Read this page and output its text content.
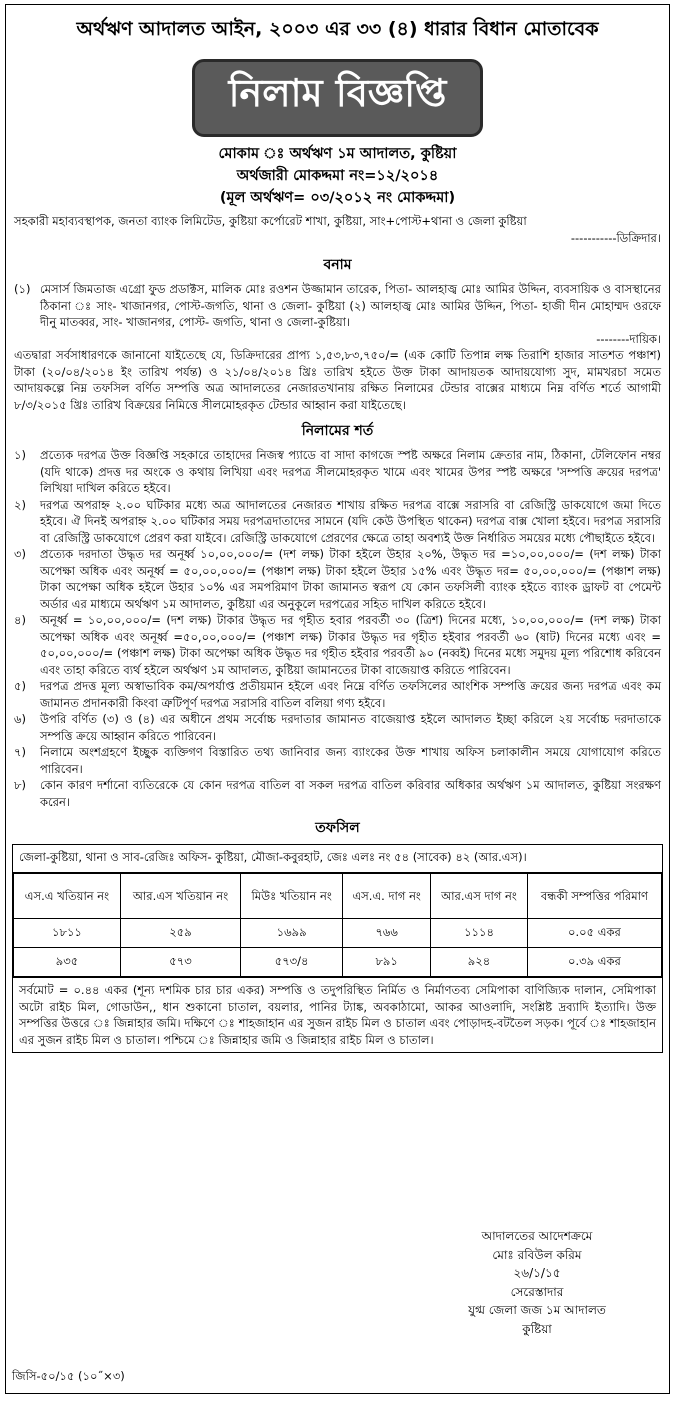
অর্থঋণ আদালত আইন, ২০০৩ এর ৩৩ (৪) ধারার বিধান মোতাবেক
নিলাম বিজ্ঞপ্তি
মোকাম ঃ অর্থঋণ ১ম আদালত, কুষ্টিয়া
অর্থজারী মোকদ্দমা নং=১২/২০১৪
(মূল অর্থঋণ= ০৩/২০১২ নং মোকদ্দমা)
সহকারী মহাব্যবস্থাপক, জনতা ব্যাংক লিমিটেড, কুষ্টিয়া কর্পোরেট শাখা, কুষ্টিয়া, সাং+পোস্ট+থানা ও জেলা কুষ্টিয়া
-----------ডিক্রিদার।
বনাম
(১) মেসার্স জিমতাজ এগ্রো ফুড প্রডাক্টস, মালিক মোঃ রওশন উজ্জামান তারেক, পিতা- আলহাজ্ব মোঃ আমির উদ্দিন, ব্যবসায়িক ও বাসস্থানের ঠিকানা ঃ সাং- খাজানগর, পোস্ট-জগতি, থানা ও জেলা- কুষ্টিয়া (২) আলহাজ্ব মোঃ আমির উদ্দিন, পিতা- হাজী দীন মোহাম্মদ ওরফে দীনু মাতব্বর, সাং- খাজানগর, পোস্ট- জগতি, থানা ও জেলা-কুষ্টিয়া।
--------দায়িক।
এতদ্বারা সর্বসাধারণকে জানানো যাইতেছে যে, ডিক্রিদারের প্রাপ্য ১,৫৩,৮৩,৭৫০/= (এক কোটি তিপান্ন লক্ষ তিরাশি হাজার সাতশত পঞ্চাশ) টাকা (২০/০৪/২০১৪ ইং তারিখ পর্যন্ত) ও ২১/০৪/২০১৪ খ্রিঃ তারিখ হইতে উক্ত টাকা আদায়তক আদায়যোগ্য সুদ, মামখরচা সমেত আদায়কল্পে নিম্ন তফসিল বর্ণিত সম্পত্তি অত্র আদালতের নেজারতখানায় রক্ষিত নিলামের টেন্ডার বাক্সের মাধ্যমে নিম্ন বর্ণিত শর্তে আগামী ৮/৩/২০১৫ খ্রিঃ তারিখ বিক্রয়ের নিমিত্তে সীলমোহরকৃত টেন্ডার আহ্বান করা যাইতেছে।
নিলামের শর্ত
১)	প্রত্যেক দরপত্র উক্ত বিজ্ঞপ্তি সহকারে তাহাদের নিজস্ব প্যাডে বা সাদা কাগজে স্পষ্ট অক্ষরে নিলাম ক্রেতার নাম, ঠিকানা, টেলিফোন নম্বর (যদি থাকে) প্রদত্ত দর অংকে ও কথায় লিখিয়া এবং দরপত্র সীলমোহরকৃত খামে এবং খামের উপর স্পষ্ট অক্ষরে 'সম্পত্তি ক্রয়ের দরপত্র' লিখিয়া দাখিল করিতে হইবে।
২)	দরপত্র অপরাহ্ন ২.০০ ঘটিকার মধ্যে অত্র আদালতের নেজারত শাখায় রক্ষিত দরপত্র বাক্সে সরাসরি বা রেজিস্ট্রি ডাকযোগে জমা দিতে হইবে। ঐ দিনই অপরাহ্ন ২.০০ ঘটিকার সময় দরপত্রদাতাদের সামনে (যদি কেউ উপস্থিত থাকেন) দরপত্র বাক্স খোলা হইবে। দরপত্র সরাসরি বা রেজিস্ট্রি ডাকযোগে প্রেরণ করা যাইবে। রেজিস্ট্রি ডাকযোগে প্রেরণের ক্ষেত্রে তাহা অবশ্যই উক্ত নির্ধারিত সময়ের মধ্যে পৌছাইতে হইবে।
৩)	প্রত্যেক দরদাতা উদ্ধৃত দর অনূর্ধ্ব ১০,০০,০০০/= (দশ লক্ষ) টাকা হইলে উহার ২০%, উদ্ধৃত দর =১০,০০,০০০/= (দশ লক্ষ) টাকা অপেক্ষা অধিক এবং অনূর্ধ্ব = ৫০,০০,০০০/= (পঞ্চাশ লক্ষ) টাকা হইলে উহার ১৫% এবং উদ্ধৃত দর= ৫০,০০,০০০/= (পঞ্চাশ লক্ষ) টাকা অপেক্ষা অধিক হইলে উহার ১০% এর সমপরিমাণ টাকা জামানত স্বরূপ যে কোন তফসিলী ব্যাংক হইতে ব্যাংক ড্রাফট বা পেমেন্ট অর্ডার এর মাধ্যমে অর্থঋণ ১ম আদালত, কুষ্টিয়া এর অনুকূলে দরপত্রের সহিত দাখিল করিতে হইবে।
৪)	অনূর্ধ্ব = ১০,০০,০০০/= (দশ লক্ষ) টাকার উদ্ধৃত দর গৃহীত হবার পরবর্তী ৩০ (ত্রিশ) দিনের মধ্যে, ১০,০০,০০০/= (দশ লক্ষ) টাকা অপেক্ষা অধিক এবং অনূর্ধ্ব =৫০,০০,০০০/= (পঞ্চাশ লক্ষ) টাকার উদ্ধৃত দর গৃহীত হইবার পরবর্তী ৬০ (ষাট) দিনের মধ্যে এবং = ৫০,০০,০০০/= (পঞ্চাশ লক্ষ) টাকা অপেক্ষা অধিক উদ্ধৃত দর গৃহীত হইবার পরবর্তী ৯০ (নব্বই) দিনের মধ্যে সমুদয় মূল্য পরিশোধ করিবেন এবং তাহা করিতে ব্যর্থ হইলে অর্থঋণ ১ম আদালত, কুষ্টিয়া জামানতের টাকা বাজেয়াপ্ত করিতে পারিবেন।
৫)	দরপত্র প্রদত্ত মূল্য অস্বাভাবিক কম/অপর্যাপ্ত প্রতীয়মান হইলে এবং নিম্নে বর্ণিত তফসিলের আংশিক সম্পত্তি ক্রয়ের জন্য দরপত্র এবং কম জামানত প্রদানকারী কিংবা ত্রুটিপূর্ণ দরপত্র সরাসরি বাতিল বলিয়া গণ্য হইবে।
৬)	উপরি বর্ণিত (৩) ও (৪) এর অধীনে প্রথম সর্বোচ্চ দরদাতার জামানত বাজেয়াপ্ত হইলে আদালত ইচ্ছা করিলে ২য় সর্বোচ্চ দরদাতাকে সম্পত্তি ক্রয়ে আহ্বান করিতে পারিবেন।
৭)	নিলামে অংশগ্রহণে ইচ্ছুক ব্যক্তিগণ বিস্তারিত তথ্য জানিবার জন্য ব্যাংকের উক্ত শাখায় অফিস চলাকালীন সময়ে যোগাযোগ করিতে পারিবেন।
৮)	কোন কারণ দর্শানো ব্যতিরেকে যে কোন দরপত্র বাতিল বা সকল দরপত্র বাতিল করিবার অধিকার অর্থঋণ ১ম আদালত, কুষ্টিয়া সংরক্ষণ করেন।
তফসিল
জেলা-কুষ্টিয়া, থানা ও সাব-রেজিঃ অফিস- কুষ্টিয়া, মৌজা-কবুরহাট, জেঃ এলঃ নং ৫৪ (সাবেক) ৪২ (আর.এস)।
এস.এ খতিয়ান নং	আর.এস খতিয়ান নং	মিউঃ খতিয়ান নং	এস.এ. দাগ নং	আর.এস দাগ নং	বন্ধকী সম্পত্তির পরিমাণ
১৮১১	২৫৯	১৬৯৯	৭৬৬	১১১৪	০.০৫ একর
৯৩৫	৫৭৩	৫৭৩/৪	৮৯১	৯২৪	০.৩৯ একর
সর্বমোট = ০.৪৪ একর (শূন্য দশমিক চার চার একর) সম্পত্তি ও তদুপরিস্থিত নির্মিত ও নির্মাণতব্য সেমিপাকা বাণিজ্যিক দালান, সেমিপাকা অটো রাইচ মিল, গোডাউন,, ধান শুকানো চাতাল, বয়লার, পানির ট্যাঙ্ক, অবকাঠামো, আকর আওলাদি, সংশ্লিষ্ট দ্রব্যাদি ইত্যাদি। উক্ত সম্পত্তির উত্তরে ঃ জিন্নাহার জমি। দক্ষিণে ঃ শাহজাহান এর সুজন রাইচ মিল ও চাতাল এবং পোড়াদহ-বটতৈল সড়ক। পূর্বে ঃ শাহজাহান এর সুজন রাইচ মিল ও চাতাল। পশ্চিমে ঃ জিন্নাহার জমি ও জিন্নাহার রাইচ মিল ও চাতাল।
আদালতের আদেশক্রমে
মোঃ রবিউল করিম
২৬/১/১৫
সেরেস্তাদার
যুগ্ম জেলা জজ ১ম আদালত
কুষ্টিয়া
জিসি-৫০/১৫ (১০˝×৩)
